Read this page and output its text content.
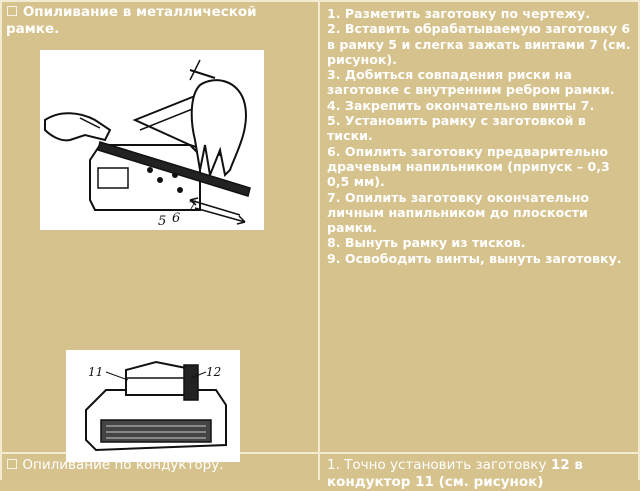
☐ Опиливание в металлической рамке.
5 6
7

1. Разметить заготовку по чертежу.

2. Вставить обрабатываемую заготовку 6 в рамку 5 и слегка зажать винтами 7 (см. рисунок).

3. Добиться совпадения риски на заготовке с внутренним ребром рамки.

4. Закрепить окончательно винты 7.

5. Установить рамку с заготовкой в тиски.

6. Опилить заготовку предварительно драчевым напильником (припуск – 0,3 0,5 мм).

7. Опилить заготовку окончательно личным напильником до плоскости рамки.

8. Вынуть рамку из тисков.

9. Освободить винты, вынуть заготовку.

11	12
☐ Опиливание по кондуктору.	1. Точно установить заготовку 12 в кондуктор 11 (см. рисунок)
